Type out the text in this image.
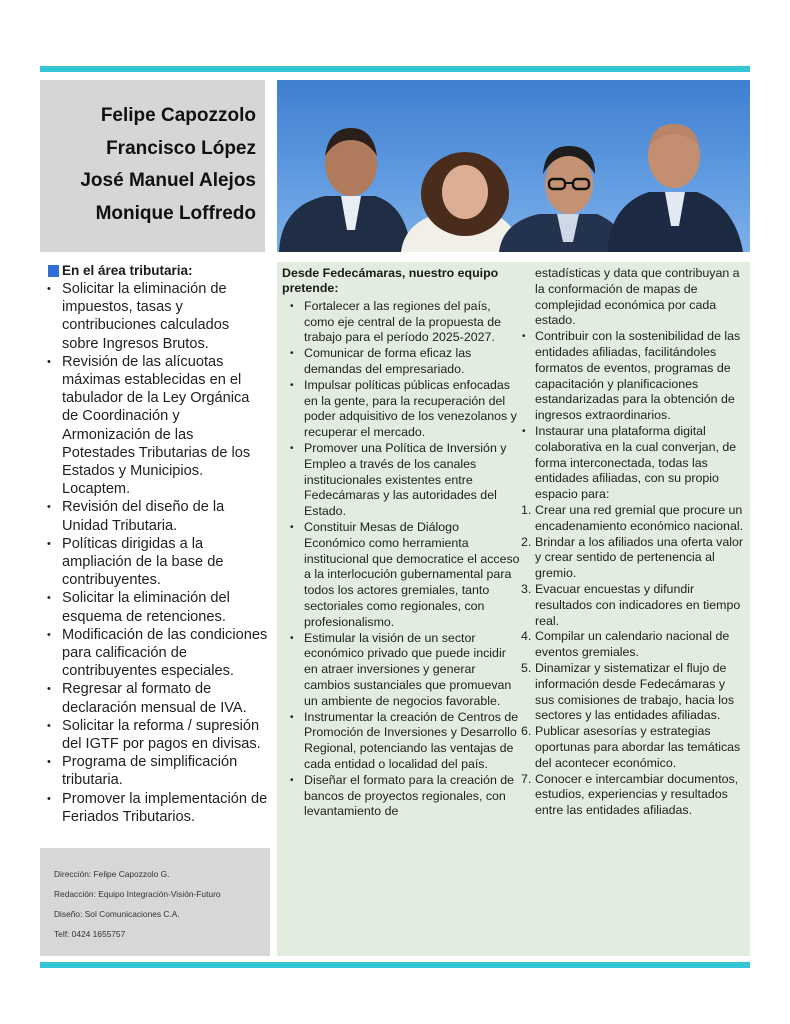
Felipe Capozzolo
Francisco López
José Manuel Alejos
Monique Loffredo
En el área tributaria:
• Solicitar la eliminación de impuestos, tasas y contribuciones calculados sobre Ingresos Brutos.
• Revisión de las alícuotas máximas establecidas en el tabulador de la Ley Orgánica de Coordinación y Armonización de las Potestades Tributarias de los Estados y Municipios. Locaptem.
• Revisión del diseño de la Unidad Tributaria.
• Políticas dirigidas a la ampliación de la base de contribuyentes.
• Solicitar la eliminación del esquema de retenciones.
• Modificación de las condiciones para calificación de contribuyentes especiales.
• Regresar al formato de declaración mensual de IVA.
• Solicitar la reforma / supresión del IGTF por pagos en divisas.
• Programa de simplificación tributaria.
• Promover la implementación de Feriados Tributarios.
Dirección: Felipe Capozzolo G.
Redacción: Equipo Integración-Visión-Futuro
Diseño: Sol Comunicaciones C.A.
Telf: 0424 1655757
Desde Fedecámaras, nuestro equipo pretende:
• Fortalecer a las regiones del país, como eje central de la propuesta de trabajo para el período 2025-2027.
• Comunicar de forma eficaz las demandas del empresariado.
• Impulsar políticas públicas enfocadas en la gente, para la recuperación del poder adquisitivo de los venezolanos y recuperar el mercado.
• Promover una Política de Inversión y Empleo a través de los canales institucionales existentes entre Fedecámaras y las autoridades del Estado.
• Constituir Mesas de Diálogo Económico como herramienta institucional que democratice el acceso a la interlocución gubernamental para todos los actores gremiales, tanto sectoriales como regionales, con profesionalismo.
• Estimular la visión de un sector económico privado que puede incidir en atraer inversiones y generar cambios sustanciales que promuevan un ambiente de negocios favorable.
• Instrumentar la creación de Centros de Promoción de Inversiones y Desarrollo Regional, potenciando las ventajas de cada entidad o localidad del país.
• Diseñar el formato para la creación de bancos de proyectos regionales, con levantamiento de
estadísticas y data que contribuyan a la conformación de mapas de complejidad económica por cada estado.
• Contribuir con la sostenibilidad de las entidades afiliadas, facilitándoles formatos de eventos, programas de capacitación y planificaciones estandarizadas para la obtención de ingresos extraordinarios.
• Instaurar una plataforma digital colaborativa en la cual converjan, de forma interconectada, todas las entidades afiliadas, con su propio espacio para:
1. Crear una red gremial que procure un encadenamiento económico nacional.
2. Brindar a los afiliados una oferta valor y crear sentido de pertenencia al gremio.
3. Evacuar encuestas y difundir resultados con indicadores en tiempo real.
4. Compilar un calendario nacional de eventos gremiales.
5. Dinamizar y sistematizar el flujo de información desde Fedecámaras y sus comisiones de trabajo, hacia los sectores y las entidades afiliadas.
6. Publicar asesorías y estrategias oportunas para abordar las temáticas del acontecer económico.
7. Conocer e intercambiar documentos, estudios, experiencias y resultados entre las entidades afiliadas.
